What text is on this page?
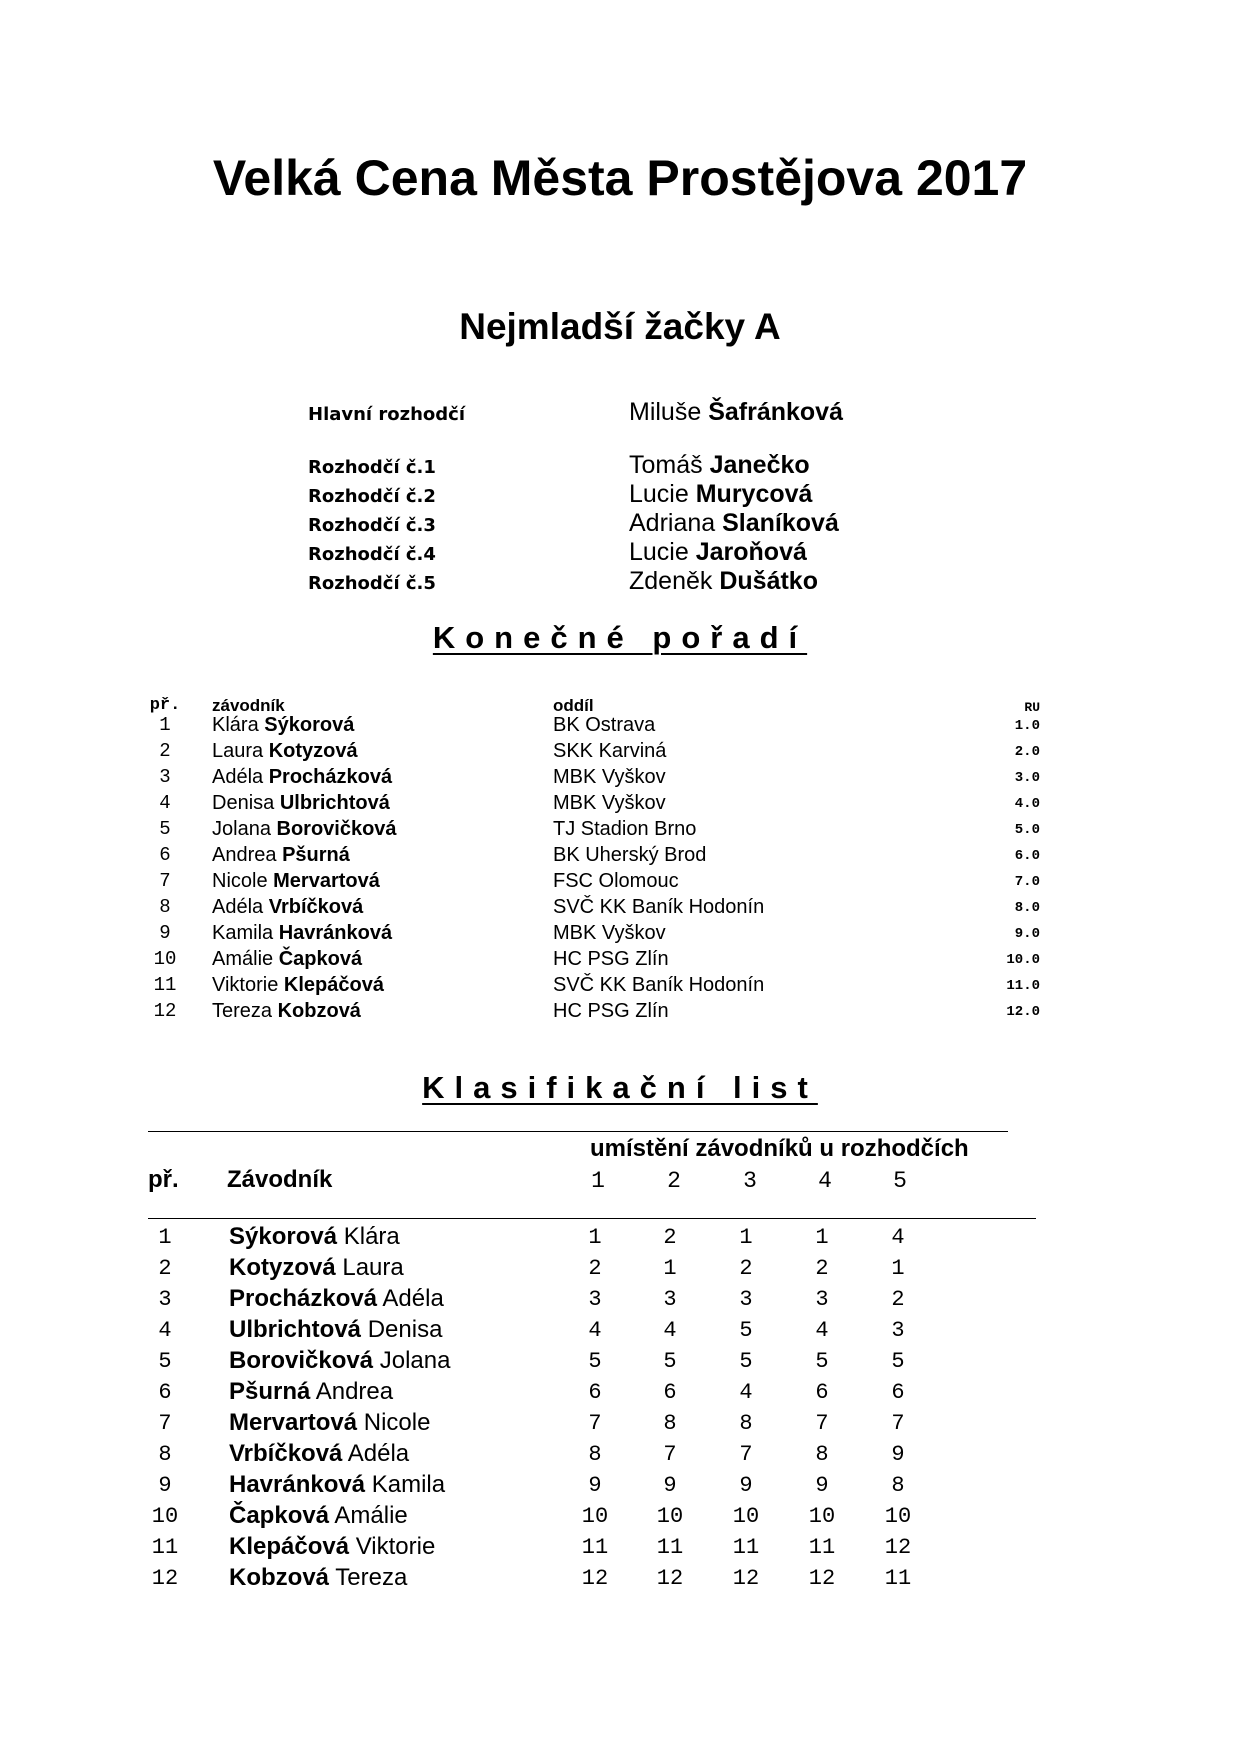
Velká Cena Města Prostějova 2017
Nejmladší žačky A
Hlavní rozhodčí	Miluše Šafránková
Rozhodčí č.1	Tomáš Janečko
Rozhodčí č.2	Lucie Murycová
Rozhodčí č.3	Adriana Slaníková
Rozhodčí č.4	Lucie Jaroňová
Rozhodčí č.5	Zdeněk Dušátko
Konečné pořadí
př.	závodník	oddíl	RU
1	Klára Sýkorová	BK Ostrava	1.0
2	Laura Kotyzová	SKK Karviná	2.0
3	Adéla Procházková	MBK Vyškov	3.0
4	Denisa Ulbrichtová	MBK Vyškov	4.0
5	Jolana Borovičková	TJ Stadion Brno	5.0
6	Andrea Pšurná	BK Uherský Brod	6.0
7	Nicole Mervartová	FSC Olomouc	7.0
8	Adéla Vrbíčková	SVČ KK Baník Hodonín	8.0
9	Kamila Havránková	MBK Vyškov	9.0
10	Amálie Čapková	HC PSG Zlín	10.0
11	Viktorie Klepáčová	SVČ KK Baník Hodonín	11.0
12	Tereza Kobzová	HC PSG Zlín	12.0
Klasifikační list
umístění závodníků u rozhodčích
př. Závodník	1	2	3	4	5
1	Sýkorová Klára	1	2	1	1	4
2	Kotyzová Laura	2	1	2	2	1
3	Procházková Adéla	3	3	3	3	2
4	Ulbrichtová Denisa	4	4	5	4	3
5	Borovičková Jolana	5	5	5	5	5
6	Pšurná Andrea	6	6	4	6	6
7	Mervartová Nicole	7	8	8	7	7
8	Vrbíčková Adéla	8	7	7	8	9
9	Havránková Kamila	9	9	9	9	8
10	Čapková Amálie	10	10	10	10	10
11	Klepáčová Viktorie	11	11	11	11	12
12	Kobzová Tereza	12	12	12	12	11
